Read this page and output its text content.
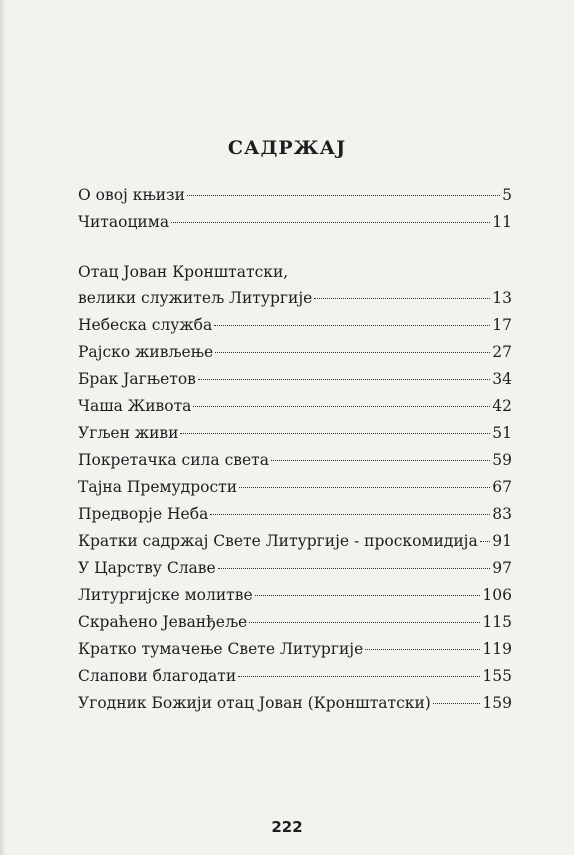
САДРЖАЈ
О овој књизи	5
Читаоцима	11
Отац Јован Кронштатски,
велики служитељ Литургије	13
Небеска служба	17
Рајско живљење	27
Брак Јагњетов	34
Чаша Живота	42
Угљен живи	51
Покретачка сила света	59
Тајна Премудрости	67
Предворје Неба	83
Кратки садржај Свете Литургије - проскомидија 91
У Царству Славе	97
Литургијске молитве	106
Скраћено Јеванђеље	115
Кратко тумачење Свете Литургије	119
Слапови благодати	155
Угодник Божији отац Јован (Кронштатски)	159
222
